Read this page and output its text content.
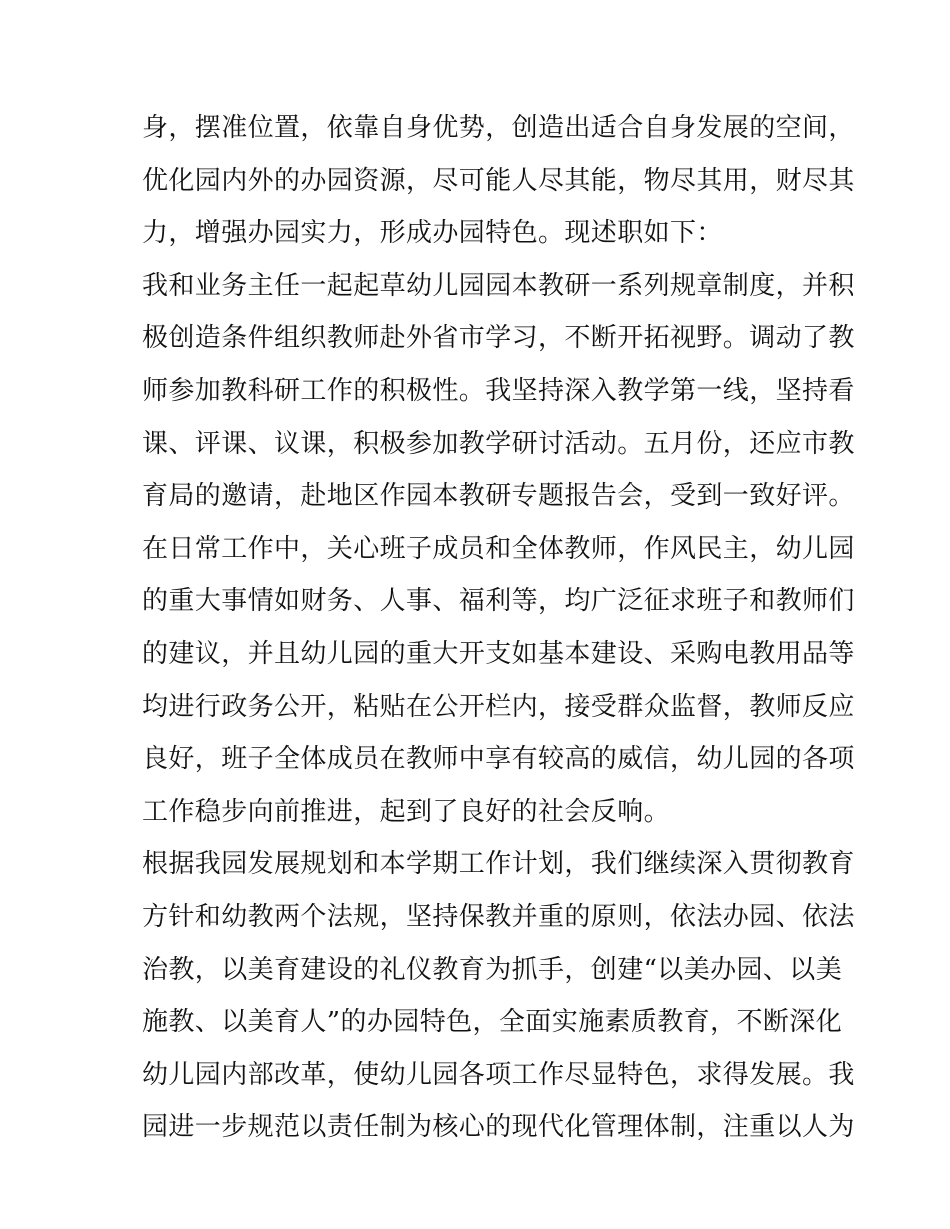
身，摆准位置，依靠自身优势，创造出适合自身发展的空间，
优化园内外的办园资源，尽可能人尽其能，物尽其用，财尽其
力，增强办园实力，形成办园特色。现述职如下：
我和业务主任一起起草幼儿园园本教研一系列规章制度，并积
极创造条件组织教师赴外省市学习，不断开拓视野。调动了教
师参加教科研工作的积极性。我坚持深入教学第一线，坚持看
课、评课、议课，积极参加教学研讨活动。五月份，还应市教
育局的邀请，赴地区作园本教研专题报告会，受到一致好评。
在日常工作中，关心班子成员和全体教师，作风民主，幼儿园
的重大事情如财务、人事、福利等，均广泛征求班子和教师们
的建议，并且幼儿园的重大开支如基本建设、采购电教用品等
均进行政务公开，粘贴在公开栏内，接受群众监督，教师反应
良好，班子全体成员在教师中享有较高的威信，幼儿园的各项
工作稳步向前推进，起到了良好的社会反响。
根据我园发展规划和本学期工作计划，我们继续深入贯彻教育
方针和幼教两个法规，坚持保教并重的原则，依法办园、依法
治教，以美育建设的礼仪教育为抓手，创建“以美办园、以美
施教、以美育人”的办园特色，全面实施素质教育，不断深化
幼儿园内部改革，使幼儿园各项工作尽显特色，求得发展。我
园进一步规范以责任制为核心的现代化管理体制，注重以人为
